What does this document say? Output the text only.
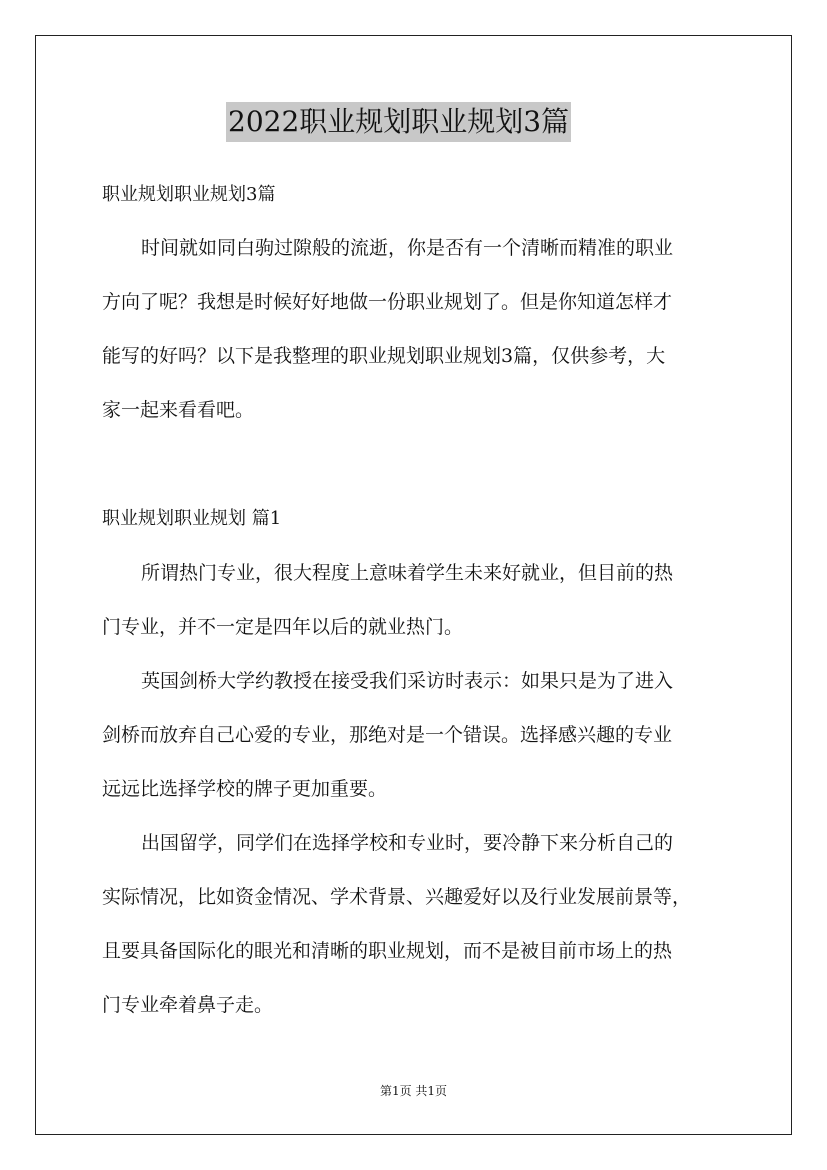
2022职业规划职业规划3篇
职业规划职业规划3篇
时间就如同白驹过隙般的流逝，你是否有一个清晰而精准的职业
方向了呢？我想是时候好好地做一份职业规划了。但是你知道怎样才
能写的好吗？以下是我整理的职业规划职业规划3篇，仅供参考，大
家一起来看看吧。
职业规划职业规划 篇1
所谓热门专业，很大程度上意味着学生未来好就业，但目前的热
门专业，并不一定是四年以后的就业热门。
英国剑桥大学约教授在接受我们采访时表示：如果只是为了进入
剑桥而放弃自己心爱的专业，那绝对是一个错误。选择感兴趣的专业
远远比选择学校的牌子更加重要。
出国留学，同学们在选择学校和专业时，要冷静下来分析自己的
实际情况，比如资金情况、学术背景、兴趣爱好以及行业发展前景等，
且要具备国际化的眼光和清晰的职业规划，而不是被目前市场上的热
门专业牵着鼻子走。
第1页 共1页
